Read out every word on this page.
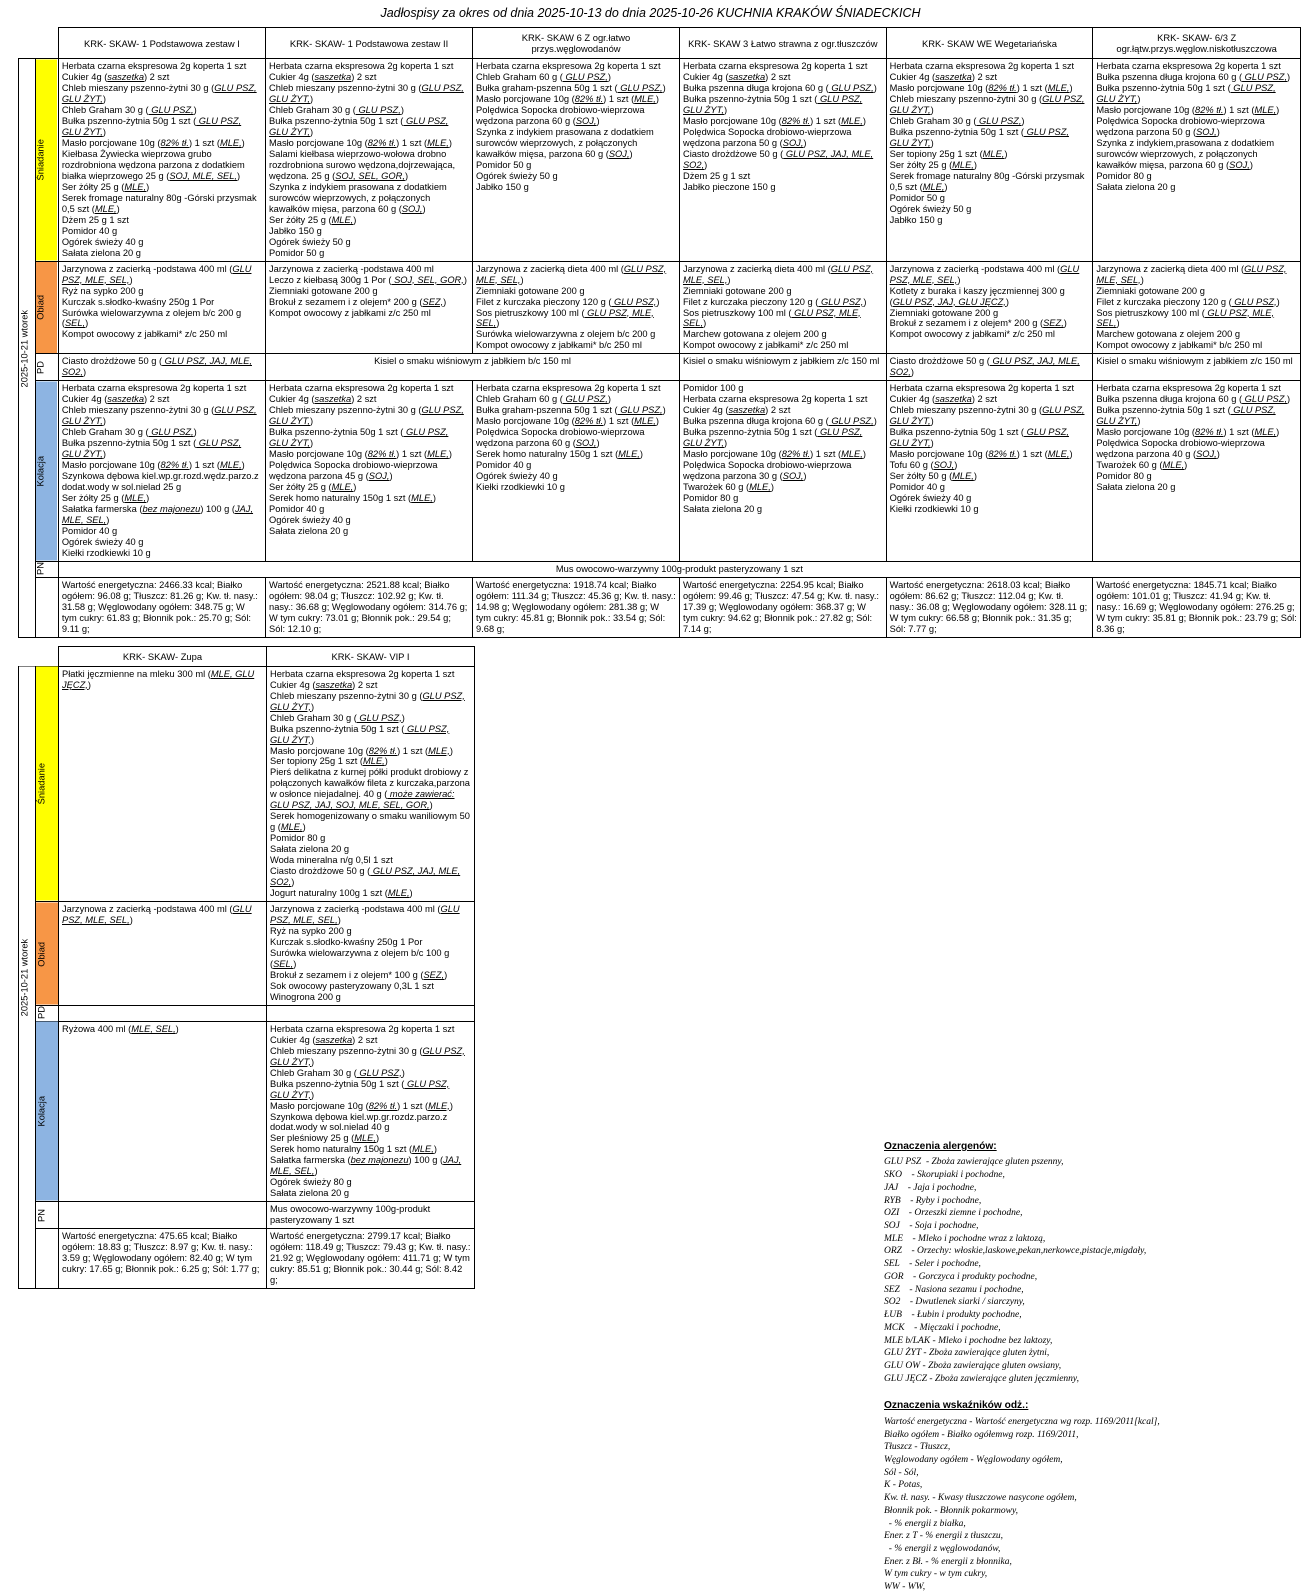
Jadłospisy za okres od dnia 2025-10-13 do dnia 2025-10-26 KUCHNIA KRAKÓW ŚNIADECKICH
		KRK- SKAW- 1 Podstawowa zestaw I	KRK- SKAW- 1 Podstawowa zestaw II	KRK- SKAW 6 Z ogr.łatwo przys.węglowodanów	KRK- SKAW 3 Łatwo strawna z ogr.tłuszczów	KRK- SKAW WE Wegetariańska	KRK- SKAW- 6/3 Z ogr.łątw.przys.węglow.niskotłuszczowa
2025-10-21 wtorek	Śniadanie	Herbata czarna ekspresowa 2g koperta 1 szt
Cukier 4g (saszetka) 2 szt
Chleb mieszany pszenno-żytni 30 g (GLU PSZ, GLU ŻYT,)
Chleb Graham 30 g ( GLU PSZ,)
Bułka pszenno-żytnia 50g 1 szt ( GLU PSZ, GLU ŻYT,)
Masło porcjowane 10g (82% tł.) 1 szt (MLE,)
Kiełbasa Żywiecka wieprzowa grubo rozdrobniona wędzona parzona z dodatkiem białka wieprzowego 25 g (SOJ, MLE, SEL,)
Ser żółty 25 g (MLE,)
Serek fromage naturalny 80g -Górski przysmak 0,5 szt (MLE,)
Dżem 25 g 1 szt
Pomidor 40 g
Ogórek świeży 40 g
Sałata zielona 20 g	Herbata czarna ekspresowa 2g koperta 1 szt
Cukier 4g (saszetka) 2 szt
Chleb mieszany pszenno-żytni 30 g (GLU PSZ, GLU ŻYT,)
Chleb Graham 30 g ( GLU PSZ,)
Bułka pszenno-żytnia 50g 1 szt ( GLU PSZ, GLU ŻYT,)
Masło porcjowane 10g (82% tł.) 1 szt (MLE,)
Salami kiełbasa wieprzowo-wołowa drobno rozdrobniona surowo wędzona,dojrzewająca, wędzona. 25 g (SOJ, SEL, GOR,)
Szynka z indykiem prasowana z dodatkiem surowców wieprzowych, z połączonych kawałków mięsa, parzona 60 g (SOJ,)
Ser żółty 25 g (MLE,)
Jabłko 150 g
Ogórek świeży 50 g
Pomidor 50 g	Herbata czarna ekspresowa 2g koperta 1 szt
Chleb Graham 60 g ( GLU PSZ,)
Bułka graham-pszenna 50g 1 szt ( GLU PSZ,)
Masło porcjowane 10g (82% tł.) 1 szt (MLE,)
Polędwica Sopocka drobiowo-wieprzowa wędzona parzona 60 g (SOJ,)
Szynka z indykiem prasowana z dodatkiem surowców wieprzowych, z połączonych kawałków mięsa, parzona 60 g (SOJ,)
Pomidor 50 g
Ogórek świeży 50 g
Jabłko 150 g	Herbata czarna ekspresowa 2g koperta 1 szt
Cukier 4g (saszetka) 2 szt
Bułka pszenna długa krojona 60 g ( GLU PSZ,)
Bułka pszenno-żytnia 50g 1 szt ( GLU PSZ, GLU ŻYT,)
Masło porcjowane 10g (82% tł.) 1 szt (MLE,)
Polędwica Sopocka drobiowo-wieprzowa wędzona parzona 50 g (SOJ,)
Ciasto drożdżowe 50 g ( GLU PSZ, JAJ, MLE, SO2,)
Dżem 25 g 1 szt
Jabłko pieczone 150 g	Herbata czarna ekspresowa 2g koperta 1 szt
Cukier 4g (saszetka) 2 szt
Masło porcjowane 10g (82% tł.) 1 szt (MLE,)
Chleb mieszany pszenno-żytni 30 g (GLU PSZ, GLU ŻYT,)
Chleb Graham 30 g ( GLU PSZ,)
Bułka pszenno-żytnia 50g 1 szt ( GLU PSZ, GLU ŻYT,)
Ser topiony 25g 1 szt (MLE,)
Ser żółty 25 g (MLE,)
Serek fromage naturalny 80g -Górski przysmak 0,5 szt (MLE,)
Pomidor 50 g
Ogórek świeży 50 g
Jabłko 150 g	Herbata czarna ekspresowa 2g koperta 1 szt
Bułka pszenna długa krojona 60 g ( GLU PSZ,)
Bułka pszenno-żytnia 50g 1 szt ( GLU PSZ, GLU ŻYT,)
Masło porcjowane 10g (82% tł.) 1 szt (MLE,)
Polędwica Sopocka drobiowo-wieprzowa wędzona parzona 50 g (SOJ,)
Szynka z indykiem,prasowana z dodatkiem surowców wieprzowych, z połączonych kawałków mięsa, parzona 60 g (SOJ,)
Pomidor 80 g
Sałata zielona 20 g
Obiad	Jarzynowa z zacierką -podstawa 400 ml (GLU PSZ, MLE, SEL,)
Ryż na sypko 200 g
Kurczak s.słodko-kwaśny 250g 1 Por
Surówka wielowarzywna z olejem b/c 200 g (SEL,)
Kompot owocowy z jabłkami* z/c 250 ml	Jarzynowa z zacierką -podstawa 400 ml
Leczo z kiełbasą 300g 1 Por ( SOJ, SEL, GOR,)
Ziemniaki gotowane 200 g
Brokuł z sezamem i z olejem* 200 g (SEZ,)
Kompot owocowy z jabłkami z/c 250 ml	Jarzynowa z zacierką dieta 400 ml (GLU PSZ, MLE, SEL,)
Ziemniaki gotowane 200 g
Filet z kurczaka pieczony 120 g ( GLU PSZ,)
Sos pietruszkowy 100 ml ( GLU PSZ, MLE, SEL,)
Surówka wielowarzywna z olejem b/c 200 g
Kompot owocowy z jabłkami* b/c 250 ml	Jarzynowa z zacierką dieta 400 ml (GLU PSZ, MLE, SEL,)
Ziemniaki gotowane 200 g
Filet z kurczaka pieczony 120 g ( GLU PSZ,)
Sos pietruszkowy 100 ml ( GLU PSZ, MLE, SEL,)
Marchew gotowana z olejem 200 g
Kompot owocowy z jabłkami* z/c 250 ml	Jarzynowa z zacierką -podstawa 400 ml (GLU PSZ, MLE, SEL,)
Kotlety z buraka i kaszy jęczmiennej 300 g (GLU PSZ, JAJ, GLU JĘCZ,)
Ziemniaki gotowane 200 g
Brokuł z sezamem i z olejem* 200 g (SEZ,)
Kompot owocowy z jabłkami* z/c 250 ml	Jarzynowa z zacierką dieta 400 ml (GLU PSZ, MLE, SEL,)
Ziemniaki gotowane 200 g
Filet z kurczaka pieczony 120 g ( GLU PSZ,)
Sos pietruszkowy 100 ml ( GLU PSZ, MLE, SEL,)
Marchew gotowana z olejem 200 g
Kompot owocowy z jabłkami* b/c 250 ml
	PD	Ciasto drożdżowe 50 g ( GLU PSZ, JAJ, MLE, SO2,)	Kisiel o smaku wiśniowym z jabłkiem b/c 150 ml		Kisiel o smaku wiśniowym z jabłkiem z/c 150 ml	Ciasto drożdżowe 50 g ( GLU PSZ, JAJ, MLE, SO2,)	Kisiel o smaku wiśniowym z jabłkiem z/c 150 ml
Kolacja	Herbata czarna ekspresowa 2g koperta 1 szt
Cukier 4g (saszetka) 2 szt
Chleb mieszany pszenno-żytni 30 g (GLU PSZ, GLU ŻYT,)
Chleb Graham 30 g ( GLU PSZ,)
Bułka pszenno-żytnia 50g 1 szt ( GLU PSZ, GLU ŻYT,)
Masło porcjowane 10g (82% tł.) 1 szt (MLE,)
Szynkowa dębowa kiel.wp.gr.rozd.wędz.parzo.z dodat.wody w sol.nielad 25 g
Ser żółty 25 g (MLE,)
Sałatka farmerska (bez majonezu) 100 g (JAJ, MLE, SEL,)
Pomidor 40 g
Ogórek świeży 40 g
Kiełki rzodkiewki 10 g	Herbata czarna ekspresowa 2g koperta 1 szt
Cukier 4g (saszetka) 2 szt
Chleb mieszany pszenno-żytni 30 g (GLU PSZ, GLU ŻYT,)
Bułka pszenno-żytnia 50g 1 szt ( GLU PSZ, GLU ŻYT,)
Masło porcjowane 10g (82% tł.) 1 szt (MLE,)
Polędwica Sopocka drobiowo-wieprzowa wędzona parzona 45 g (SOJ,)
Ser żółty 25 g (MLE,)
Serek homo naturalny 150g 1 szt (MLE,)
Pomidor 40 g
Ogórek świeży 40 g
Sałata zielona 20 g	Herbata czarna ekspresowa 2g koperta 1 szt
Chleb Graham 60 g ( GLU PSZ,)
Bułka graham-pszenna 50g 1 szt ( GLU PSZ,)
Masło porcjowane 10g (82% tł.) 1 szt (MLE,)
Polędwica Sopocka drobiowo-wieprzowa wędzona parzona 60 g (SOJ,)
Serek homo naturalny 150g 1 szt (MLE,)
Pomidor 40 g
Ogórek świeży 40 g
Kiełki rzodkiewki 10 g	Pomidor 100 g
Herbata czarna ekspresowa 2g koperta 1 szt
Cukier 4g (saszetka) 2 szt
Bułka pszenna długa krojona 60 g ( GLU PSZ,)
Bułka pszenno-żytnia 50g 1 szt ( GLU PSZ, GLU ŻYT,)
Masło porcjowane 10g (82% tł.) 1 szt (MLE,)
Polędwica Sopocka drobiowo-wieprzowa wędzona parzona 30 g (SOJ,)
Twarożek 60 g (MLE,)
Pomidor 80 g
Sałata zielona 20 g	Herbata czarna ekspresowa 2g koperta 1 szt
Cukier 4g (saszetka) 2 szt
Chleb mieszany pszenno-żytni 30 g (GLU PSZ, GLU ŻYT,)
Bułka pszenno-żytnia 50g 1 szt ( GLU PSZ, GLU ŻYT,)
Masło porcjowane 10g (82% tł.) 1 szt (MLE,)
Tofu 60 g (SOJ,)
Ser żółty 50 g (MLE,)
Pomidor 40 g
Ogórek świeży 40 g
Kiełki rzodkiewki 10 g	Herbata czarna ekspresowa 2g koperta 1 szt
Bułka pszenna długa krojona 60 g ( GLU PSZ,)
Bułka pszenno-żytnia 50g 1 szt ( GLU PSZ, GLU ŻYT,)
Masło porcjowane 10g (82% tł.) 1 szt (MLE,)
Polędwica Sopocka drobiowo-wieprzowa wędzona parzona 40 g (SOJ,)
Twarożek 60 g (MLE,)
Pomidor 80 g
Sałata zielona 20 g
	PN	Mus owocowo-warzywny 100g-produkt pasteryzowany 1 szt					
		Wartość energetyczna: 2466.33 kcal; Białko ogółem: 96.08 g; Tłuszcz: 81.26 g; Kw. tł. nasy.: 31.58 g; Węglowodany ogółem: 348.75 g; W tym cukry: 61.83 g; Błonnik pok.: 25.70 g; Sól: 9.11 g;	Wartość energetyczna: 2521.88 kcal; Białko ogółem: 98.04 g; Tłuszcz: 102.92 g; Kw. tł. nasy.: 36.68 g; Węglowodany ogółem: 314.76 g; W tym cukry: 73.01 g; Błonnik pok.: 29.54 g; Sól: 12.10 g;	Wartość energetyczna: 1918.74 kcal; Białko ogółem: 111.34 g; Tłuszcz: 45.36 g; Kw. tł. nasy.: 14.98 g; Węglowodany ogółem: 281.38 g; W tym cukry: 45.81 g; Błonnik pok.: 33.54 g; Sól: 9.68 g;	Wartość energetyczna: 2254.95 kcal; Białko ogółem: 99.46 g; Tłuszcz: 47.54 g; Kw. tł. nasy.: 17.39 g; Węglowodany ogółem: 368.37 g; W tym cukry: 94.62 g; Błonnik pok.: 27.82 g; Sól: 7.14 g;	Wartość energetyczna: 2618.03 kcal; Białko ogółem: 86.62 g; Tłuszcz: 112.04 g; Kw. tł. nasy.: 36.08 g; Węglowodany ogółem: 328.11 g; W tym cukry: 66.58 g; Błonnik pok.: 31.35 g; Sól: 7.77 g;	Wartość energetyczna: 1845.71 kcal; Białko ogółem: 101.01 g; Tłuszcz: 41.94 g; Kw. tł. nasy.: 16.69 g; Węglowodany ogółem: 276.25 g; W tym cukry: 35.81 g; Błonnik pok.: 23.79 g; Sól: 8.36 g;
		KRK- SKAW- Zupa	KRK- SKAW- VIP I
2025-10-21 wtorek	Śniadanie	Płatki jęczmienne na mleku 300 ml (MLE, GLU JĘCZ,)	Herbata czarna ekspresowa 2g koperta 1 szt
Cukier 4g (saszetka) 2 szt
Chleb mieszany pszenno-żytni 30 g (GLU PSZ, GLU ŻYT,)
Chleb Graham 30 g ( GLU PSZ,)
Bułka pszenno-żytnia 50g 1 szt ( GLU PSZ, GLU ŻYT,)
Masło porcjowane 10g (82% tł.) 1 szt (MLE,)
Ser topiony 25g 1 szt (MLE,)
Pierś delikatna z kurnej półki produkt drobiowy z połączonych kawałków fileta z kurczaka,parzona w osłonce niejadalnej. 40 g ( może zawierać: GLU PSZ, JAJ, SOJ, MLE, SEL, GOR,)
Serek homogenizowany o smaku waniliowym 50 g (MLE,)
Pomidor 80 g
Sałata zielona 20 g
Woda mineralna n/g 0,5l 1 szt
Ciasto drożdżowe 50 g ( GLU PSZ, JAJ, MLE, SO2,)
Jogurt naturalny 100g 1 szt (MLE,)
Obiad	Jarzynowa z zacierką -podstawa 400 ml (GLU PSZ, MLE, SEL,)	Jarzynowa z zacierką -podstawa 400 ml (GLU PSZ, MLE, SEL,)
Ryż na sypko 200 g
Kurczak s.słodko-kwaśny 250g 1 Por
Surówka wielowarzywna z olejem b/c 100 g (SEL,)
Brokuł z sezamem i z olejem* 100 g (SEZ,)
Sok owocowy pasteryzowany 0,3L 1 szt
Winogrona 200 g
	PD		
Kolacja	Ryżowa 400 ml (MLE, SEL,)	Herbata czarna ekspresowa 2g koperta 1 szt
Cukier 4g (saszetka) 2 szt
Chleb mieszany pszenno-żytni 30 g (GLU PSZ, GLU ŻYT,)
Chleb Graham 30 g ( GLU PSZ,)
Bułka pszenno-żytnia 50g 1 szt ( GLU PSZ, GLU ŻYT,)
Masło porcjowane 10g (82% tł.) 1 szt (MLE,)
Szynkowa dębowa kiel.wp.gr.rozdz.parzo.z dodat.wody w sol.nielad 40 g
Ser pleśniowy 25 g (MLE,)
Serek homo naturalny 150g 1 szt (MLE,)
Sałatka farmerska (bez majonezu) 100 g (JAJ, MLE, SEL,)
Ogórek świeży 80 g
Sałata zielona 20 g
	PN		Mus owocowo-warzywny 100g-produkt pasteryzowany 1 szt
		Wartość energetyczna: 475.65 kcal; Białko ogółem: 18.83 g; Tłuszcz: 8.97 g; Kw. tł. nasy.: 3.59 g; Węglowodany ogółem: 82.40 g; W tym cukry: 17.65 g; Błonnik pok.: 6.25 g; Sól: 1.77 g;	Wartość energetyczna: 2799.17 kcal; Białko ogółem: 118.49 g; Tłuszcz: 79.43 g; Kw. tł. nasy.: 21.92 g; Węglowodany ogółem: 411.71 g; W tym cukry: 85.51 g; Błonnik pok.: 30.44 g; Sól: 8.42 g;
Oznaczenia alergenów:
GLU PSZ  - Zboża zawierające gluten pszenny,
SKO    - Skorupiaki i pochodne,
JAJ    - Jaja i pochodne,
RYB    - Ryby i pochodne,
OZI    - Orzeszki ziemne i pochodne,
SOJ    - Soja i pochodne,
MLE    - Mleko i pochodne wraz z laktozą,
ORZ    - Orzechy: włoskie,laskowe,pekan,nerkowce,pistacje,migdały,
SEL    - Seler i pochodne,
GOR    - Gorczyca i produkty pochodne,
SEZ    - Nasiona sezamu i pochodne,
SO2    - Dwutlenek siarki / siarczyny,
ŁUB    - Łubin i produkty pochodne,
MCK    - Mięczaki i pochodne,
MLE b/LAK - Mleko i pochodne bez laktozy,
GLU ŻYT - Zboża zawierające gluten żytni,
GLU OW - Zboża zawierające gluten owsiany,
GLU JĘCZ - Zboża zawierające gluten jęczmienny,
Oznaczenia wskaźników odż.:
Wartość energetyczna - Wartość energetyczna wg rozp. 1169/2011[kcal],
Białko ogółem - Białko ogółemwg rozp. 1169/2011,
Tłuszcz - Tłuszcz,
Węglowodany ogółem - Węglowodany ogółem,
Sól - Sól,
K - Potas,
Kw. tł. nasy. - Kwasy tłuszczowe nasycone ogółem,
Błonnik pok. - Błonnik pokarmowy,
- % energii z białka,
Ener. z T - % energii z tłuszczu,
- % energii z węglowodanów,
Ener. z Bł. - % energii z błonnika,
W tym cukry - w tym cukry,
WW - WW,
